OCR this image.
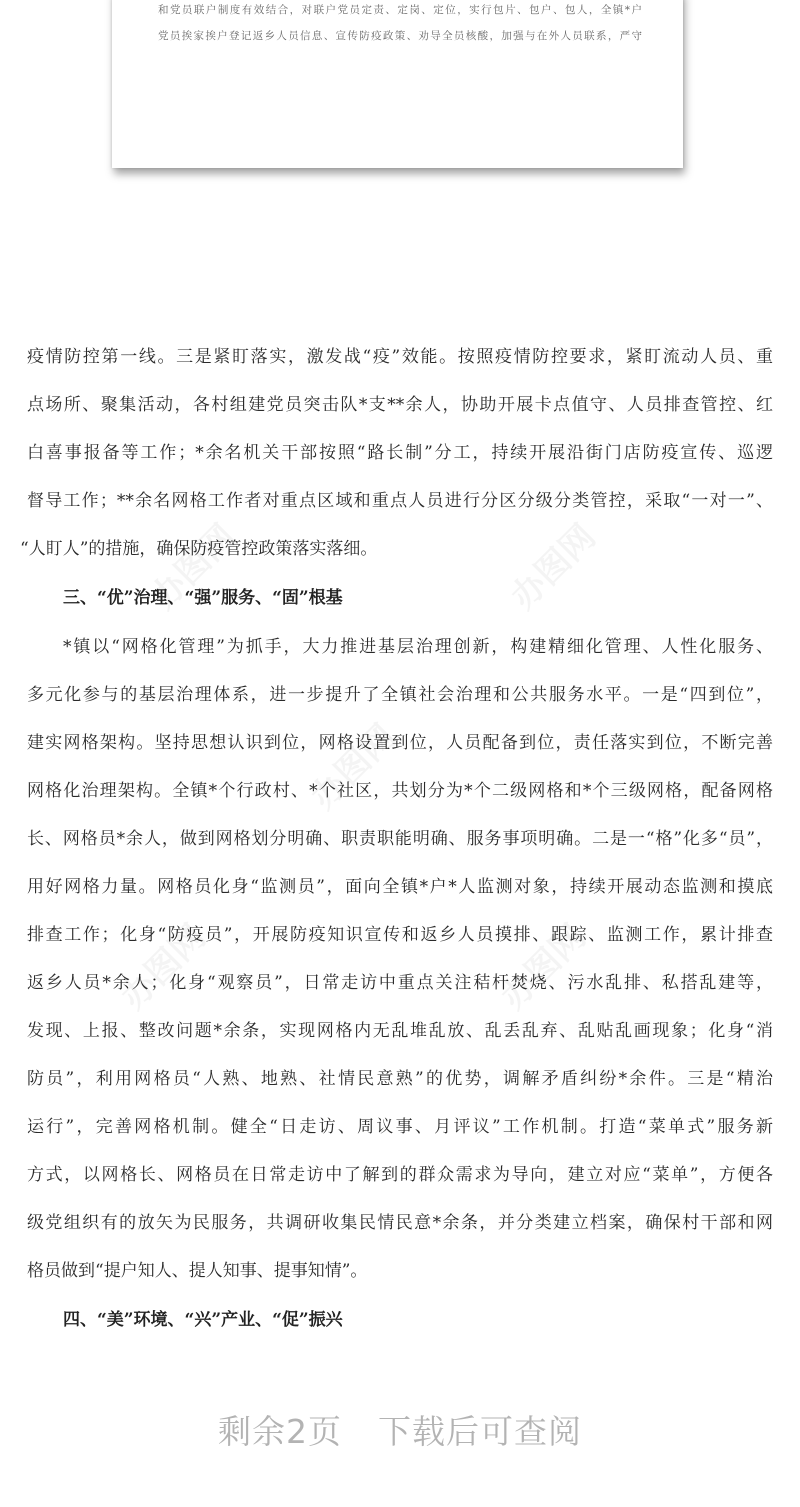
和党员联户制度有效结合，对联户党员定责、定岗、定位，实行包片、包户、包人，全镇*户
党员挨家挨户登记返乡人员信息、宣传防疫政策、劝导全员核酸，加强与在外人员联系，严守
疫情防控第一线。三是紧盯落实，激发战“疫”效能。按照疫情防控要求，紧盯流动人员、重
点场所、聚集活动，各村组建党员突击队*支**余人，协助开展卡点值守、人员排查管控、红
白喜事报备等工作；*余名机关干部按照“路长制”分工，持续开展沿街门店防疫宣传、巡逻
督导工作；**余名网格工作者对重点区域和重点人员进行分区分级分类管控，采取“一对一”、
“人盯人”的措施，确保防疫管控政策落实落细。
三、“优”治理、“强”服务、“固”根基
*镇以“网格化管理”为抓手，大力推进基层治理创新，构建精细化管理、人性化服务、
多元化参与的基层治理体系，进一步提升了全镇社会治理和公共服务水平。一是“四到位”，
建实网格架构。坚持思想认识到位，网格设置到位，人员配备到位，责任落实到位，不断完善
网格化治理架构。全镇*个行政村、*个社区，共划分为*个二级网格和*个三级网格，配备网格
长、网格员*余人，做到网格划分明确、职责职能明确、服务事项明确。二是一“格”化多“员”，
用好网格力量。网格员化身“监测员”，面向全镇*户*人监测对象，持续开展动态监测和摸底
排查工作；化身“防疫员”，开展防疫知识宣传和返乡人员摸排、跟踪、监测工作，累计排查
返乡人员*余人；化身“观察员”，日常走访中重点关注秸杆焚烧、污水乱排、私搭乱建等，
发现、上报、整改问题*余条，实现网格内无乱堆乱放、乱丢乱弃、乱贴乱画现象；化身“消
防员”，利用网格员“人熟、地熟、社情民意熟”的优势，调解矛盾纠纷*余件。三是“精治
运行”，完善网格机制。健全“日走访、周议事、月评议”工作机制。打造“菜单式”服务新
方式，以网格长、网格员在日常走访中了解到的群众需求为导向，建立对应“菜单”，方便各
级党组织有的放矢为民服务，共调研收集民情民意*余条，并分类建立档案，确保村干部和网
格员做到“提户知人、提人知事、提事知情”。
四、“美”环境、“兴”产业、“促”振兴
剩余2页 下载后可查阅
